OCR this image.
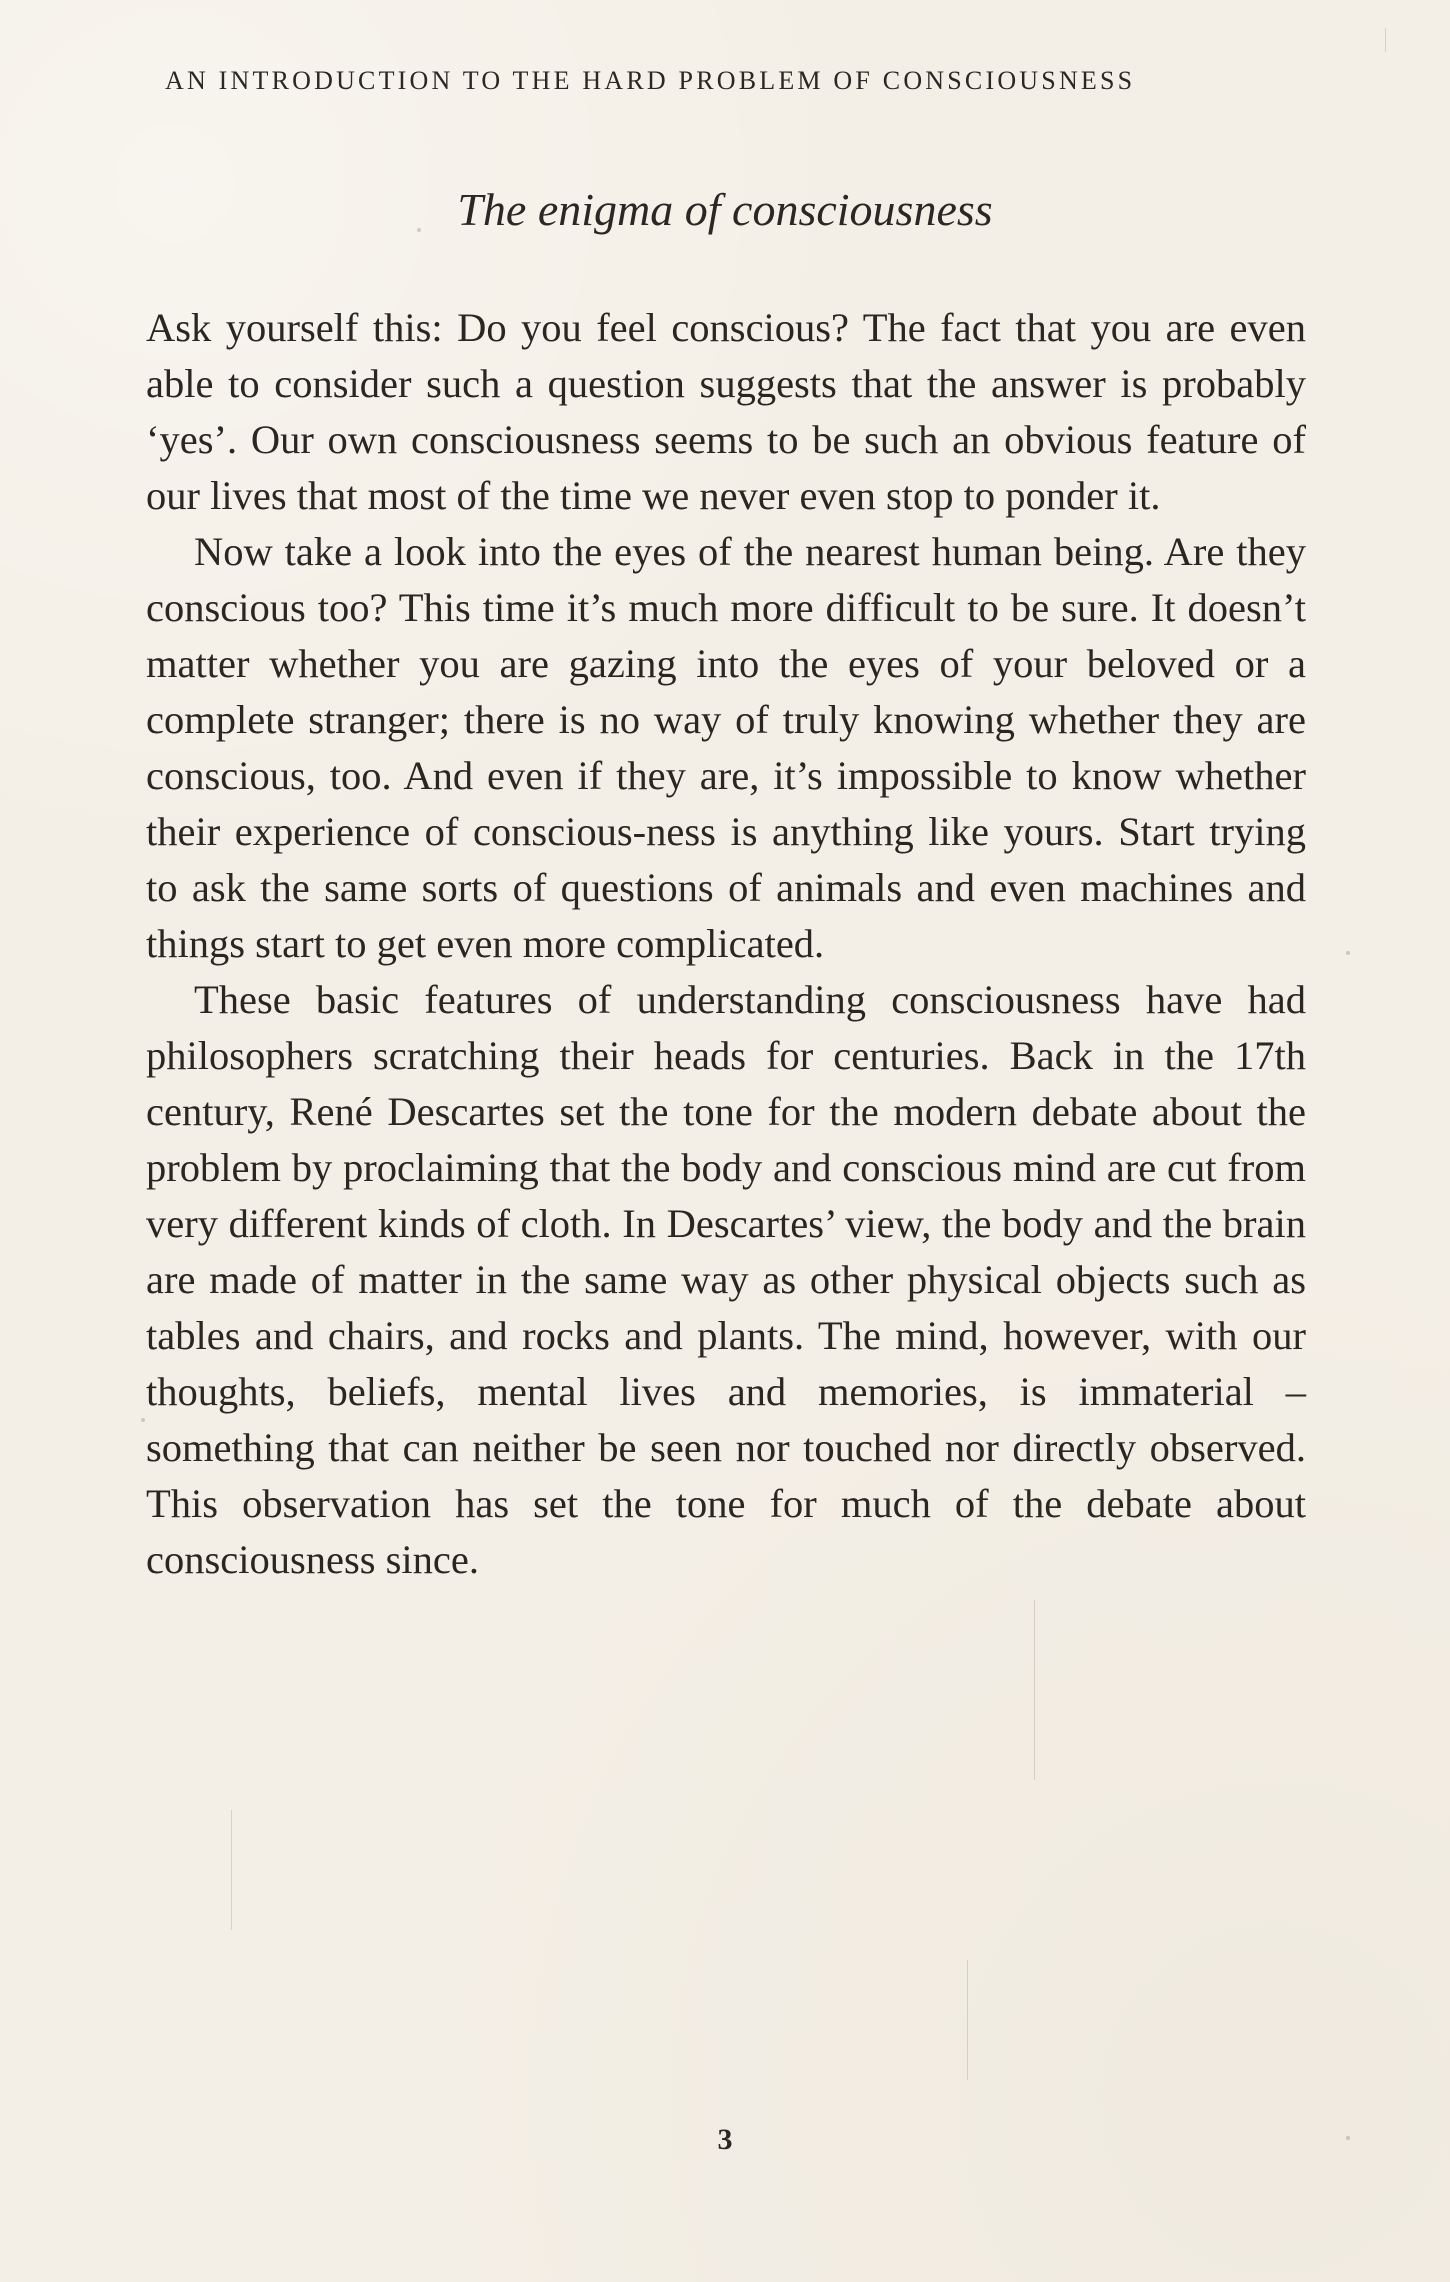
AN INTRODUCTION TO THE HARD PROBLEM OF CONSCIOUSNESS
The enigma of consciousness

Ask yourself this: Do you feel conscious? The fact that you are even able to consider such a question suggests that the answer is probably ‘yes’. Our own consciousness seems to be such an obvious feature of our lives that most of the time we never even stop to ponder it.

Now take a look into the eyes of the nearest human being. Are they conscious too? This time it’s much more difficult to be sure. It doesn’t matter whether you are gazing into the eyes of your beloved or a complete stranger; there is no way of truly knowing whether they are conscious, too. And even if they are, it’s impossible to know whether their experience of conscious-ness is anything like yours. Start trying to ask the same sorts of questions of animals and even machines and things start to get even more complicated.

These basic features of understanding consciousness have had philosophers scratching their heads for centuries. Back in the 17th century, René Descartes set the tone for the modern debate about the problem by proclaiming that the body and conscious mind are cut from very different kinds of cloth. In Descartes’ view, the body and the brain are made of matter in the same way as other physical objects such as tables and chairs, and rocks and plants. The mind, however, with our thoughts, beliefs, mental lives and memories, is immaterial – something that can neither be seen nor touched nor directly observed. This observation has set the tone for much of the debate about consciousness since.

3
